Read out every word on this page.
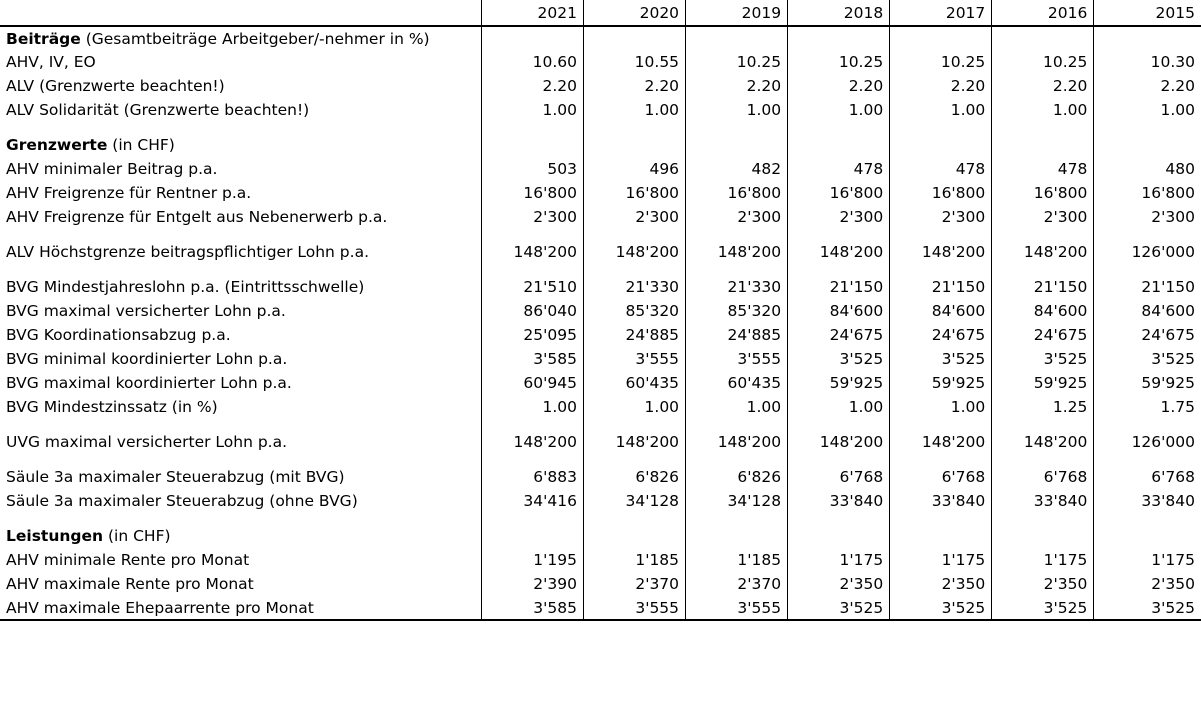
	2021	2020	2019	2018	2017	2016	2015
Beiträge (Gesamtbeiträge Arbeitgeber/-nehmer in %)							
AHV, IV, EO	10.60	10.55	10.25	10.25	10.25	10.25	10.30
ALV (Grenzwerte beachten!)	2.20	2.20	2.20	2.20	2.20	2.20	2.20
ALV Solidarität (Grenzwerte beachten!)	1.00	1.00	1.00	1.00	1.00	1.00	1.00

Grenzwerte (in CHF)							
AHV minimaler Beitrag p.a.	503	496	482	478	478	478	480
AHV Freigrenze für Rentner p.a.	16'800	16'800	16'800	16'800	16'800	16'800	16'800
AHV Freigrenze für Entgelt aus Nebenerwerb p.a.	2'300	2'300	2'300	2'300	2'300	2'300	2'300

ALV Höchstgrenze beitragspflichtiger Lohn p.a.	148'200	148'200	148'200	148'200	148'200	148'200	126'000

BVG Mindestjahreslohn p.a. (Eintrittsschwelle)	21'510	21'330	21'330	21'150	21'150	21'150	21'150
BVG maximal versicherter Lohn p.a.	86'040	85'320	85'320	84'600	84'600	84'600	84'600
BVG Koordinationsabzug p.a.	25'095	24'885	24'885	24'675	24'675	24'675	24'675
BVG minimal koordinierter Lohn p.a.	3'585	3'555	3'555	3'525	3'525	3'525	3'525
BVG maximal koordinierter Lohn p.a.	60'945	60'435	60'435	59'925	59'925	59'925	59'925
BVG Mindestzinssatz (in %)	1.00	1.00	1.00	1.00	1.00	1.25	1.75

UVG maximal versicherter Lohn p.a.	148'200	148'200	148'200	148'200	148'200	148'200	126'000

Säule 3a maximaler Steuerabzug (mit BVG)	6'883	6'826	6'826	6'768	6'768	6'768	6'768
Säule 3a maximaler Steuerabzug (ohne BVG)	34'416	34'128	34'128	33'840	33'840	33'840	33'840

Leistungen (in CHF)							
AHV minimale Rente pro Monat	1'195	1'185	1'185	1'175	1'175	1'175	1'175
AHV maximale Rente pro Monat	2'390	2'370	2'370	2'350	2'350	2'350	2'350
AHV maximale Ehepaarrente pro Monat	3'585	3'555	3'555	3'525	3'525	3'525	3'525
